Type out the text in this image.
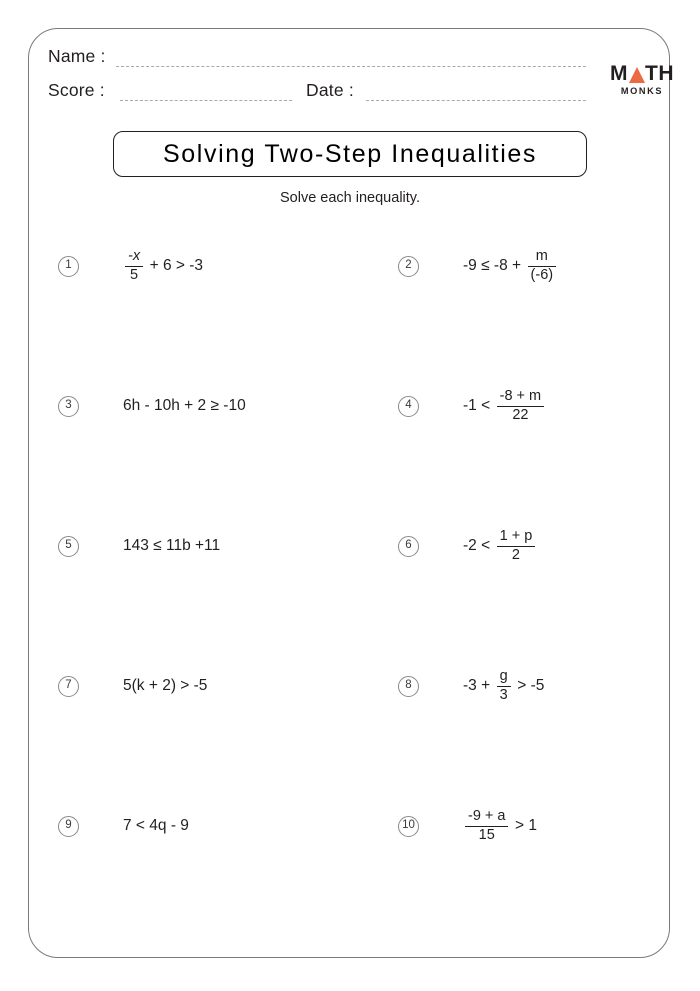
Name :
Score :	Date :
M TH
MONKS
Solving Two-Step Inequalities
Solve each inequality.
1	$\frac{-x}{5} + 6 > -3$	2	$-9 \le -8 + \frac{m}{(-6)}$
3	6h - 10h + 2 ≥ -10	4	$-1 < \frac{-8 + m}{22}$
5	143 ≤ 11b +11	6	$-2 < \frac{1 + p}{2}$
7	5(k + 2) > -5	8	$-3 + \frac{g}{3} > -5$
9	7 < 4q - 9	10	$\frac{-9 + a}{15} > 1$
